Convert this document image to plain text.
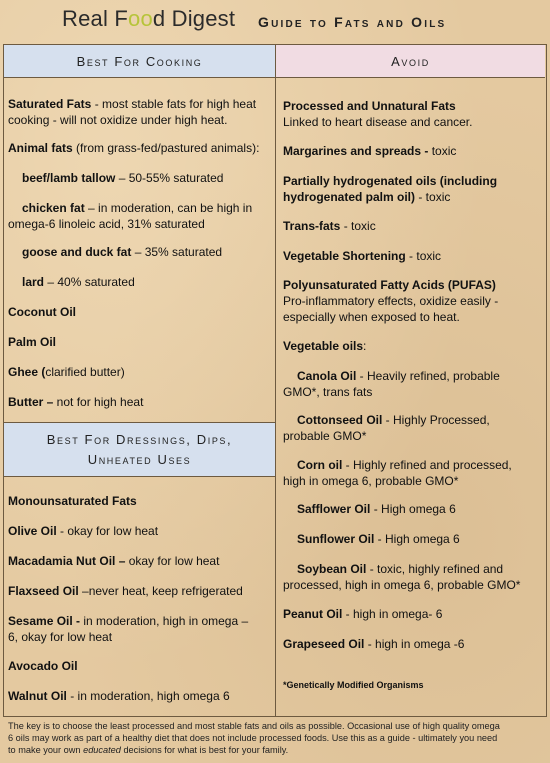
Real Food Digest Guide to Fats and Oils
Best For Cooking	Avoid
Saturated Fats - most stable fats for high heat
cooking - will not oxidize under high heat.
Animal fats (from grass-fed/pastured animals):
beef/lamb tallow – 50-55% saturated
chicken fat – in moderation, can be high in
omega-6 linoleic acid, 31% saturated
goose and duck fat – 35% saturated
lard – 40% saturated
Coconut Oil
Palm Oil
Ghee (clarified butter)
Butter – not for high heat
Best For Dressings, Dips,
Unheated Uses
Monounsaturated Fats
Olive Oil - okay for low heat
Macadamia Nut Oil – okay for low heat
Flaxseed Oil –never heat, keep refrigerated
Sesame Oil - in moderation, high in omega –
6, okay for low heat
Avocado Oil
Walnut Oil - in moderation, high omega 6
Processed and Unnatural Fats
Linked to heart disease and cancer.
Margarines and spreads - toxic
Partially hydrogenated oils (including
hydrogenated palm oil) - toxic
Trans-fats - toxic
Vegetable Shortening - toxic
Polyunsaturated Fatty Acids (PUFAS)
Pro-inflammatory effects, oxidize easily -
especially when exposed to heat.
Vegetable oils:
Canola Oil - Heavily refined, probable
GMO*, trans fats
Cottonseed Oil - Highly Processed,
probable GMO*
Corn oil - Highly refined and processed,
high in omega 6, probable GMO*
Safflower Oil - High omega 6
Sunflower Oil - High omega 6
Soybean Oil - toxic, highly refined and
processed, high in omega 6, probable GMO*
Peanut Oil - high in omega- 6
Grapeseed Oil - high in omega -6
*Genetically Modified Organisms
The key is to choose the least processed and most stable fats and oils as possible. Occasional use of high quality omega
6 oils may work as part of a healthy diet that does not include processed foods. Use this as a guide - ultimately you need
to make your own educated decisions for what is best for your family.
